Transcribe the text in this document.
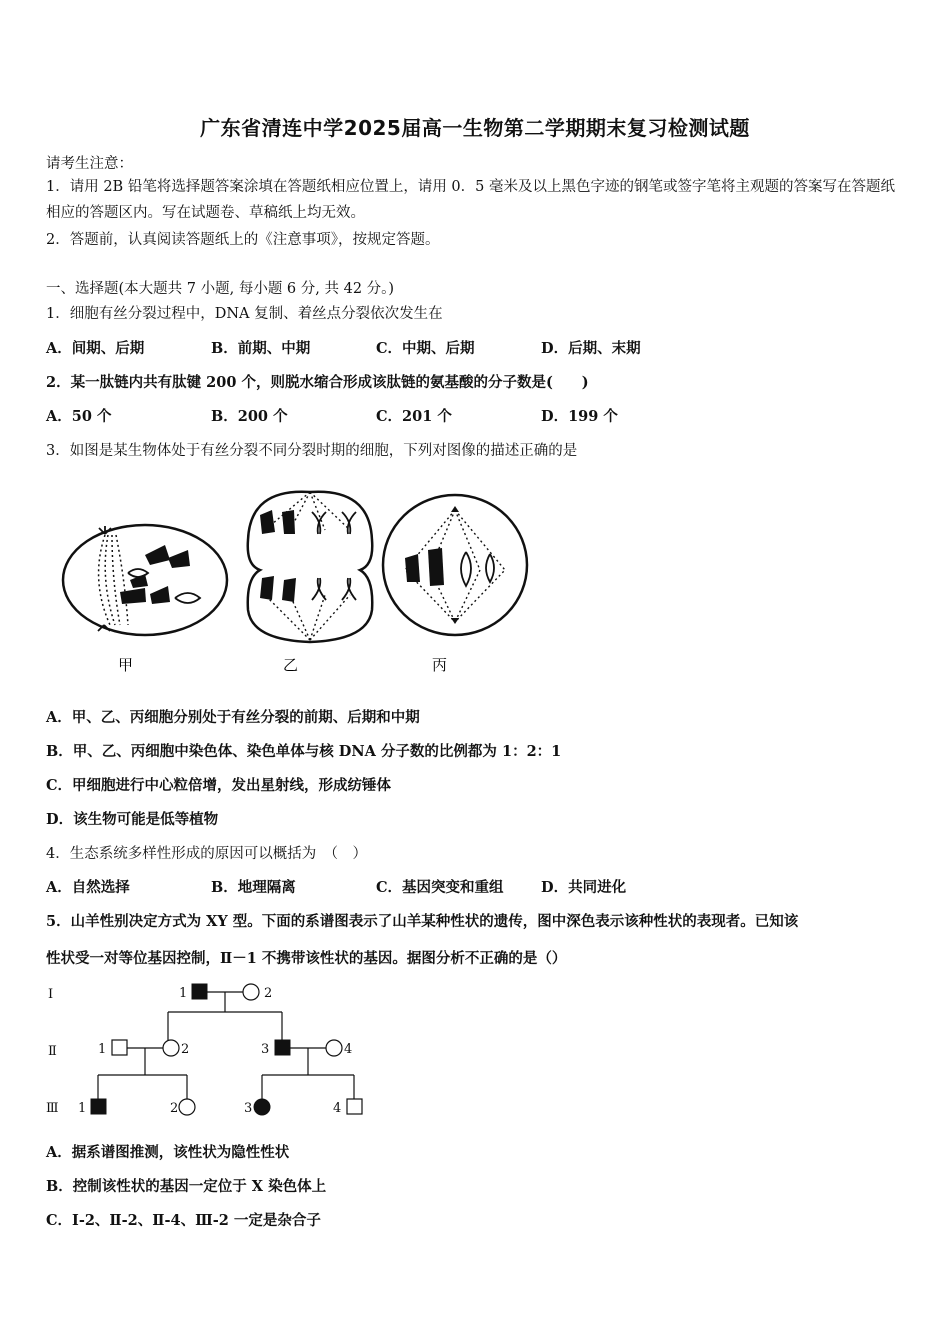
广东省清连中学2025届高一生物第二学期期末复习检测试题
请考生注意：
1．请用 2B 铅笔将选择题答案涂填在答题纸相应位置上，请用 0．5 毫米及以上黑色字迹的钢笔或签字笔将主观题的答案写在答题纸相应的答题区内。写在试题卷、草稿纸上均无效。
2．答题前，认真阅读答题纸上的《注意事项》，按规定答题。
一、选择题(本大题共 7 小题, 每小题 6 分, 共 42 分。)
1．细胞有丝分裂过程中，DNA 复制、着丝点分裂依次发生在
A．间期、后期	B．前期、中期	C．中期、后期	D．后期、末期
2．某一肽链内共有肽键 200 个，则脱水缩合形成该肽链的氨基酸的分子数是(　　)
A．50 个	B．200 个	C．201 个	D．199 个
3．如图是某生物体处于有丝分裂不同分裂时期的细胞，下列对图像的描述正确的是
甲	乙	丙
A．甲、乙、丙细胞分别处于有丝分裂的前期、后期和中期
B．甲、乙、丙细胞中染色体、染色单体与核 DNA 分子数的比例都为 1：2：1
C．甲细胞进行中心粒倍增，发出星射线，形成纺锤体
D．该生物可能是低等植物
4．生态系统多样性形成的原因可以概括为　（　）
A．自然选择	B．地理隔离	C．基因突变和重组	D．共同进化
5．山羊性别决定方式为 XY 型。下面的系谱图表示了山羊某种性状的遗传，图中深色表示该种性状的表现者。已知该
性状受一对等位基因控制，Ⅱ－1 不携带该性状的基因。据图分析不正确的是（）
Ⅰ
Ⅱ
Ⅲ
1	2
1	2	3	4
1	2	3	4
A．据系谱图推测，该性状为隐性性状
B．控制该性状的基因一定位于 X 染色体上
C．Ⅰ-2、Ⅱ-2、Ⅱ-4、Ⅲ-2 一定是杂合子
